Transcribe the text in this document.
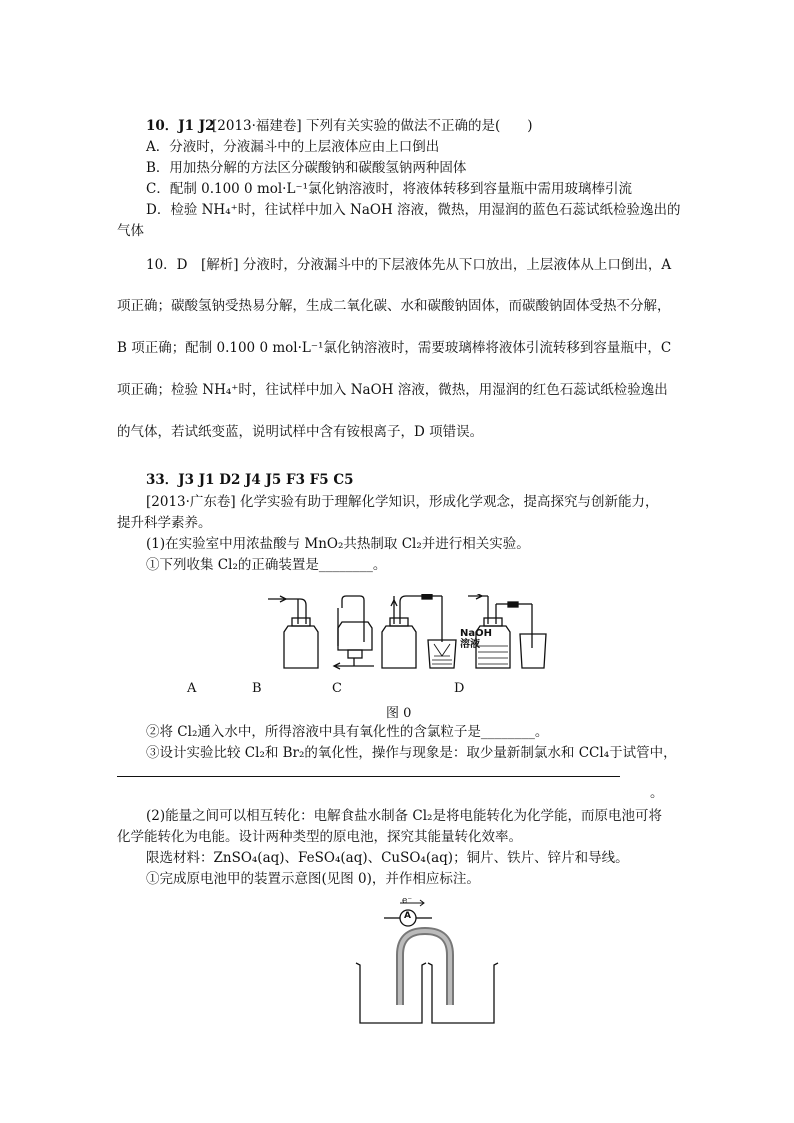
10．J1 J2
[2013·福建卷] 下列有关实验的做法不正确的是(　　)
A．分液时，分液漏斗中的上层液体应由上口倒出
B．用加热分解的方法区分碳酸钠和碳酸氢钠两种固体
C．配制 0.100 0 mol·L⁻¹氯化钠溶液时，将液体转移到容量瓶中需用玻璃棒引流
D．检验 NH₄⁺时，往试样中加入 NaOH 溶液，微热，用湿润的蓝色石蕊试纸检验逸出的
气体
10．D　[解析] 分液时，分液漏斗中的下层液体先从下口放出，上层液体从上口倒出，A
项正确；碳酸氢钠受热易分解，生成二氧化碳、水和碳酸钠固体，而碳酸钠固体受热不分解，
B 项正确；配制 0.100 0 mol·L⁻¹氯化钠溶液时，需要玻璃棒将液体引流转移到容量瓶中，C
项正确；检验 NH₄⁺时，往试样中加入 NaOH 溶液，微热，用湿润的红色石蕊试纸检验逸出
的气体，若试纸变蓝，说明试样中含有铵根离子，D 项错误。
33．J3 J1 D2 J4 J5 F3 F5 C5
[2013·广东卷] 化学实验有助于理解化学知识，形成化学观念，提高探究与创新能力，
提升科学素养。
(1)在实验室中用浓盐酸与 MnO₂共热制取 Cl₂并进行相关实验。
①下列收集 Cl₂的正确装置是________。
NaOH
溶液
A	B	C	D
图 0
②将 Cl₂通入水中，所得溶液中具有氧化性的含氯粒子是________。
③设计实验比较 Cl₂和 Br₂的氧化性，操作与现象是：取少量新制氯水和 CCl₄于试管中，
。
(2)能量之间可以相互转化：电解食盐水制备 Cl₂是将电能转化为化学能，而原电池可将
化学能转化为电能。设计两种类型的原电池，探究其能量转化效率。
限选材料：ZnSO₄(aq)、FeSO₄(aq)、CuSO₄(aq)；铜片、铁片、锌片和导线。
①完成原电池甲的装置示意图(见图 0)，并作相应标注。
e⁻
A
